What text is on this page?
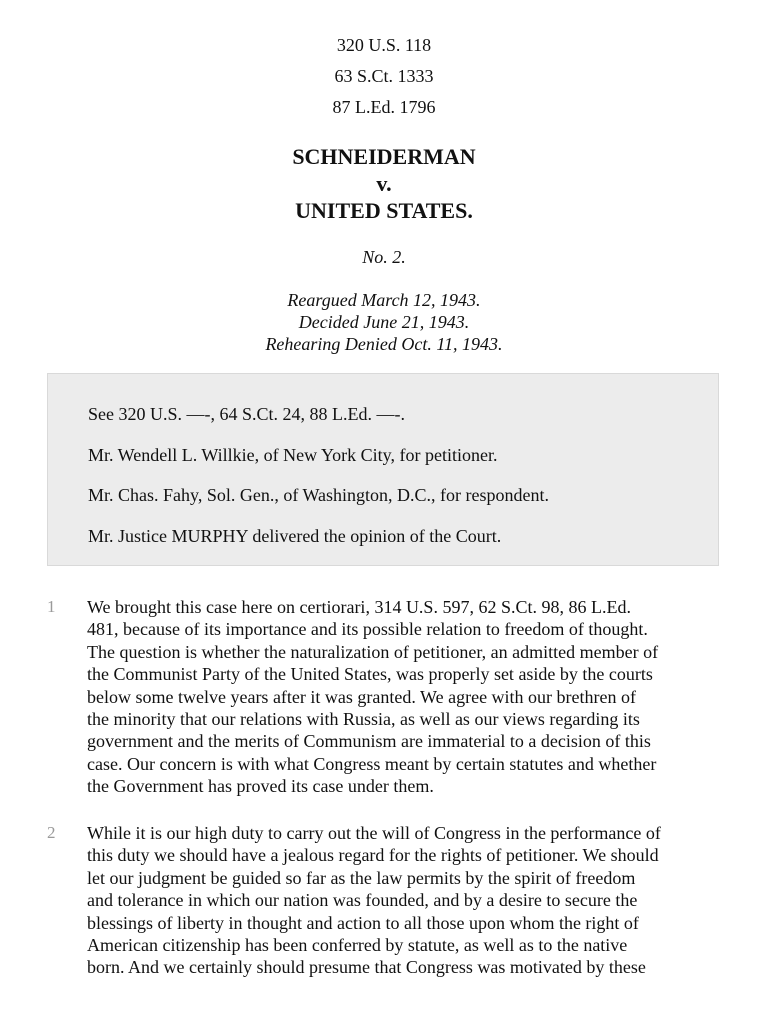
320 U.S. 118
63 S.Ct. 1333
87 L.Ed. 1796
SCHNEIDERMAN
v.
UNITED STATES.
No. 2.
Reargued March 12, 1943.
Decided June 21, 1943.
Rehearing Denied Oct. 11, 1943.

See 320 U.S. —-, 64 S.Ct. 24, 88 L.Ed. —-.

Mr. Wendell L. Willkie, of New York City, for petitioner.

Mr. Chas. Fahy, Sol. Gen., of Washington, D.C., for respondent.

Mr. Justice MURPHY delivered the opinion of the Court.

1 We brought this case here on certiorari, 314 U.S. 597, 62 S.Ct. 98, 86 L.Ed.
481, because of its importance and its possible relation to freedom of thought.
The question is whether the naturalization of petitioner, an admitted member of
the Communist Party of the United States, was properly set aside by the courts
below some twelve years after it was granted. We agree with our brethren of
the minority that our relations with Russia, as well as our views regarding its
government and the merits of Communism are immaterial to a decision of this
case. Our concern is with what Congress meant by certain statutes and whether
the Government has proved its case under them.
2 While it is our high duty to carry out the will of Congress in the performance of
this duty we should have a jealous regard for the rights of petitioner. We should
let our judgment be guided so far as the law permits by the spirit of freedom
and tolerance in which our nation was founded, and by a desire to secure the
blessings of liberty in thought and action to all those upon whom the right of
American citizenship has been conferred by statute, as well as to the native
born. And we certainly should presume that Congress was motivated by these
